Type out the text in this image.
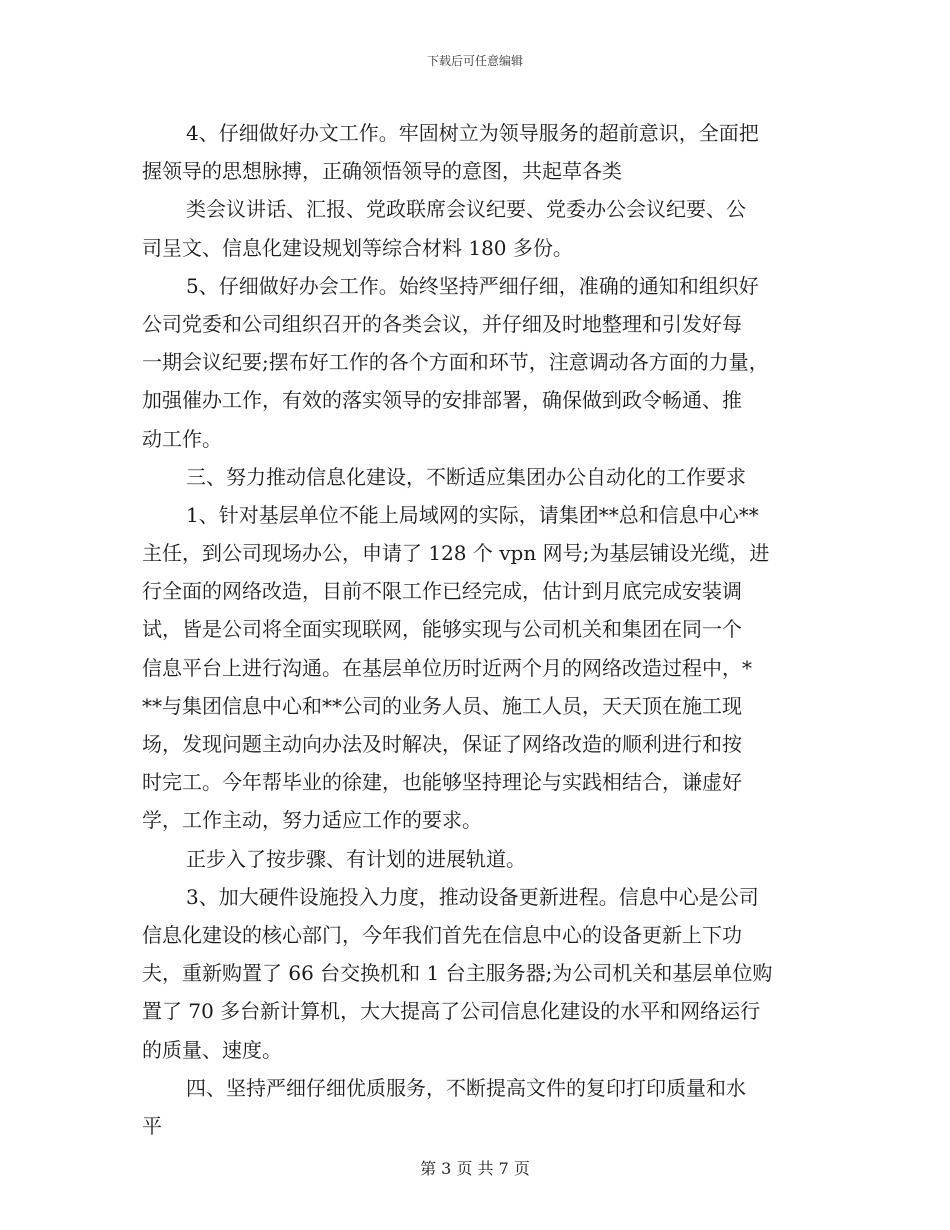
下载后可任意编辑
4、仔细做好办文工作。牢固树立为领导服务的超前意识，全面把
握领导的思想脉搏，正确领悟领导的意图，共起草各类
类会议讲话、汇报、党政联席会议纪要、党委办公会议纪要、公
司呈文、信息化建设规划等综合材料 180 多份。
5、仔细做好办会工作。始终坚持严细仔细，准确的通知和组织好
公司党委和公司组织召开的各类会议，并仔细及时地整理和引发好每
一期会议纪要;摆布好工作的各个方面和环节，注意调动各方面的力量，
加强催办工作，有效的落实领导的安排部署，确保做到政令畅通、推
动工作。
三、努力推动信息化建设，不断适应集团办公自动化的工作要求
1、针对基层单位不能上局域网的实际，请集团**总和信息中心**
主任，到公司现场办公，申请了 128 个 vpn 网号;为基层铺设光缆，进
行全面的网络改造，目前不限工作已经完成，估计到月底完成安装调
试，皆是公司将全面实现联网，能够实现与公司机关和集团在同一个
信息平台上进行沟通。在基层单位历时近两个月的网络改造过程中，*
**与集团信息中心和**公司的业务人员、施工人员，天天顶在施工现
场，发现问题主动向办法及时解决，保证了网络改造的顺利进行和按
时完工。今年帮毕业的徐建，也能够坚持理论与实践相结合，谦虚好
学，工作主动，努力适应工作的要求。
正步入了按步骤、有计划的进展轨道。
3、加大硬件设施投入力度，推动设备更新进程。信息中心是公司
信息化建设的核心部门，今年我们首先在信息中心的设备更新上下功
夫，重新购置了 66 台交换机和 1 台主服务器;为公司机关和基层单位购
置了 70 多台新计算机，大大提高了公司信息化建设的水平和网络运行
的质量、速度。
四、坚持严细仔细优质服务，不断提高文件的复印打印质量和水
平
第 3 页 共 7 页
